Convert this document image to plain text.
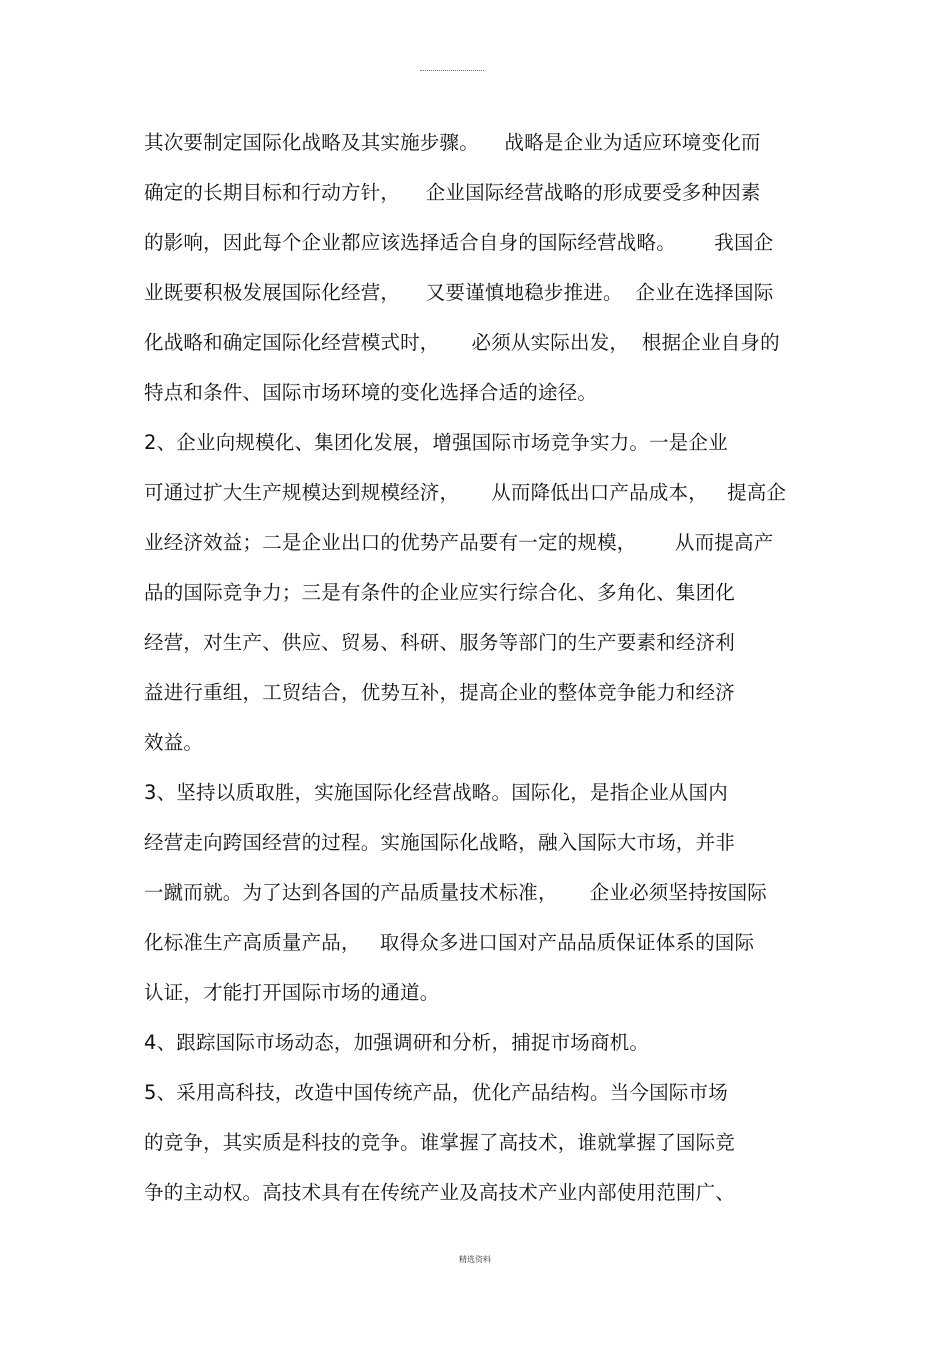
其次要制定国际化战略及其实施步骤。    战略是企业为适应环境变化而
确定的长期目标和行动方针，    企业国际经营战略的形成要受多种因素
的影响，因此每个企业都应该选择适合自身的国际经营战略。      我国企
业既要积极发展国际化经营，    又要谨慎地稳步推进。  企业在选择国际
化战略和确定国际化经营模式时，     必须从实际出发，  根据企业自身的
特点和条件、国际市场环境的变化选择合适的途径。
2、企业向规模化、集团化发展，增强国际市场竞争实力。一是企业
可通过扩大生产规模达到规模经济，     从而降低出口产品成本，   提高企
业经济效益；二是企业出口的优势产品要有一定的规模，      从而提高产
品的国际竞争力；三是有条件的企业应实行综合化、多角化、集团化
经营，对生产、供应、贸易、科研、服务等部门的生产要素和经济利
益进行重组，工贸结合，优势互补，提高企业的整体竞争能力和经济
效益。
3、坚持以质取胜，实施国际化经营战略。国际化，是指企业从国内
经营走向跨国经营的过程。实施国际化战略，融入国际大市场，并非
一蹴而就。为了达到各国的产品质量技术标准，     企业必须坚持按国际
化标准生产高质量产品，   取得众多进口国对产品品质保证体系的国际
认证，才能打开国际市场的通道。
4、跟踪国际市场动态，加强调研和分析，捕捉市场商机。
5、采用高科技，改造中国传统产品，优化产品结构。当今国际市场
的竞争，其实质是科技的竞争。谁掌握了高技术，谁就掌握了国际竞
争的主动权。高技术具有在传统产业及高技术产业内部使用范围广、
精选资料
